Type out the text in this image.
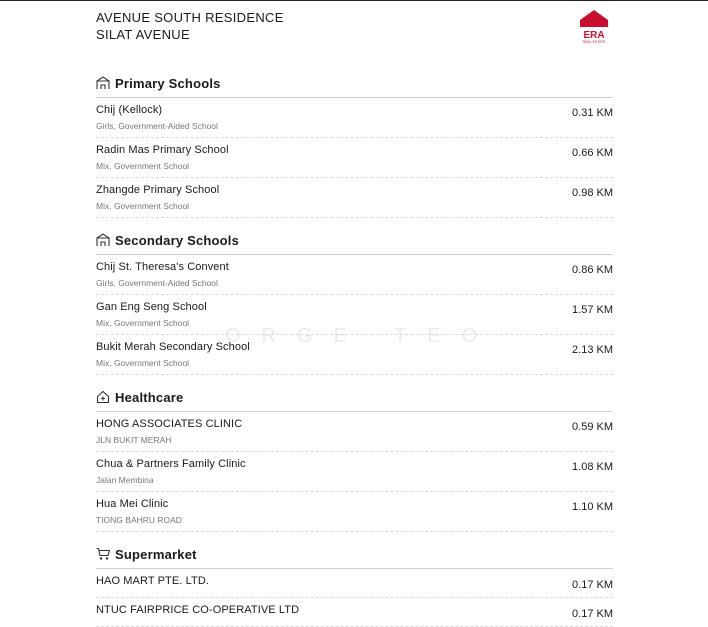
AVENUE SOUTH RESIDENCE
SILAT AVENUE	ERA
REAL ESTATE
ORGE TEO
Primary Schools
Chij (Kellock)
Girls, Government-Aided School
0.31 KM
Radin Mas Primary School
Mix, Government School
0.66 KM
Zhangde Primary School
Mix, Government School
0.98 KM
Secondary Schools
Chij St. Theresa's Convent
Girls, Government-Aided School
0.86 KM
Gan Eng Seng School
Mix, Government School
1.57 KM
Bukit Merah Secondary School
Mix, Government School
2.13 KM
Healthcare
HONG ASSOCIATES CLINIC
JLN BUKIT MERAH
0.59 KM
Chua & Partners Family Clinic
Jalan Membina
1.08 KM
Hua Mei Clinic
TIONG BAHRU ROAD
1.10 KM
Supermarket
HAO MART PTE. LTD.	0.17 KM
NTUC FAIRPRICE CO-OPERATIVE LTD	0.17 KM
